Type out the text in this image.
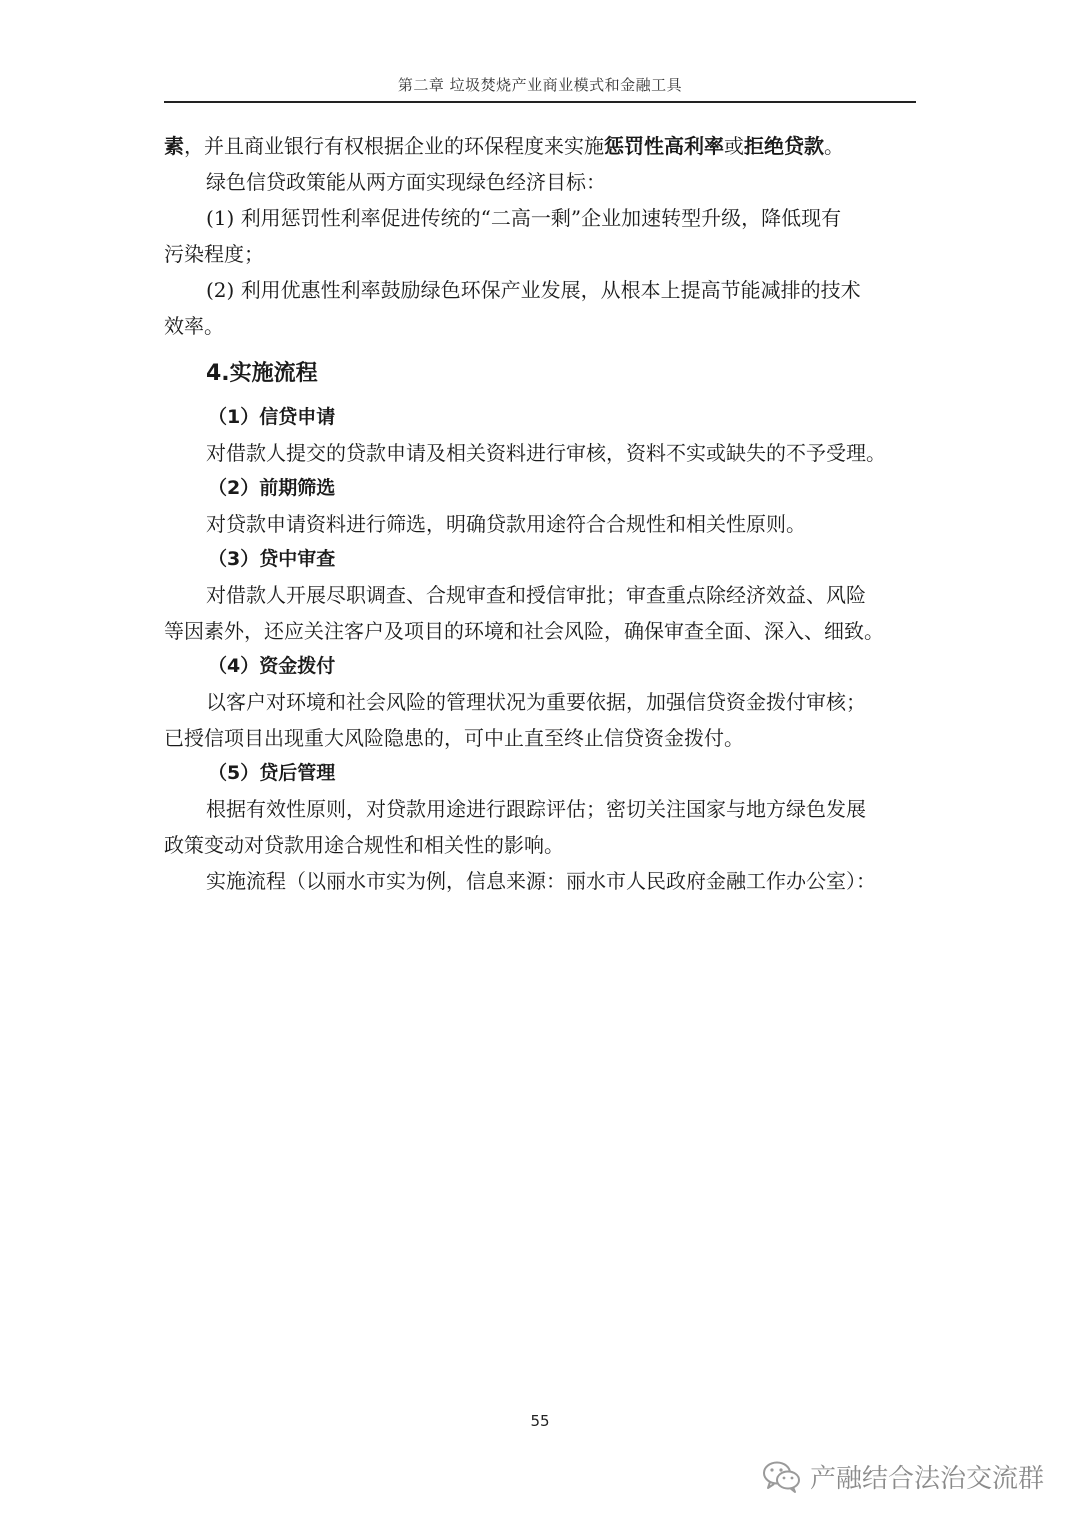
第二章 垃圾焚烧产业商业模式和金融工具

素，并且商业银行有权根据企业的环保程度来实施惩罚性高利率或拒绝贷款。

绿色信贷政策能从两方面实现绿色经济目标：

(1) 利用惩罚性利率促进传统的“二高一剩”企业加速转型升级，降低现有

污染程度；

(2) 利用优惠性利率鼓励绿色环保产业发展，从根本上提高节能减排的技术

效率。

4.实施流程
（1）信贷申请

对借款人提交的贷款申请及相关资料进行审核，资料不实或缺失的不予受理。

（2）前期筛选

对贷款申请资料进行筛选，明确贷款用途符合合规性和相关性原则。

（3）贷中审查

对借款人开展尽职调查、合规审查和授信审批；审查重点除经济效益、风险

等因素外，还应关注客户及项目的环境和社会风险，确保审查全面、深入、细致。

（4）资金拨付

以客户对环境和社会风险的管理状况为重要依据，加强信贷资金拨付审核；

已授信项目出现重大风险隐患的，可中止直至终止信贷资金拨付。

（5）贷后管理

根据有效性原则，对贷款用途进行跟踪评估；密切关注国家与地方绿色发展

政策变动对贷款用途合规性和相关性的影响。

实施流程（以丽水市实为例，信息来源：丽水市人民政府金融工作办公室）：

55
产融结合法治交流群
